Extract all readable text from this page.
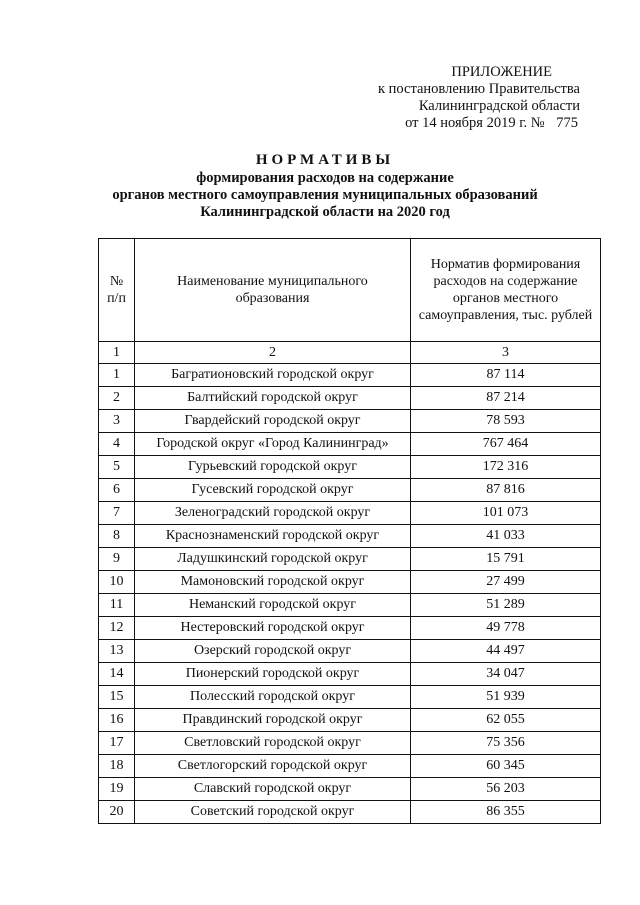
ПРИЛОЖЕНИЕ
к постановлению Правительства
Калининградской области
от 14 ноября 2019 г. № 775
НОРМАТИВЫ
формирования расходов на содержание
органов местного самоуправления муниципальных образований
Калининградской области на 2020 год
№ п/п	Наименование муниципального образования	Норматив формирования расходов на содержание органов местного самоуправления, тыс. рублей
1	2	3
1	Багратионовский городской округ	87 114
2	Балтийский городской округ	87 214
3	Гвардейский городской округ	78 593
4	Городской округ «Город Калининград»	767 464
5	Гурьевский городской округ	172 316
6	Гусевский городской округ	87 816
7	Зеленоградский городской округ	101 073
8	Краснознаменский городской округ	41 033
9	Ладушкинский городской округ	15 791
10	Мамоновский городской округ	27 499
11	Неманский городской округ	51 289
12	Нестеровский городской округ	49 778
13	Озерский городской округ	44 497
14	Пионерский городской округ	34 047
15	Полесский городской округ	51 939
16	Правдинский городской округ	62 055
17	Светловский городской округ	75 356
18	Светлогорский городской округ	60 345
19	Славский городской округ	56 203
20	Советский городской округ	86 355
